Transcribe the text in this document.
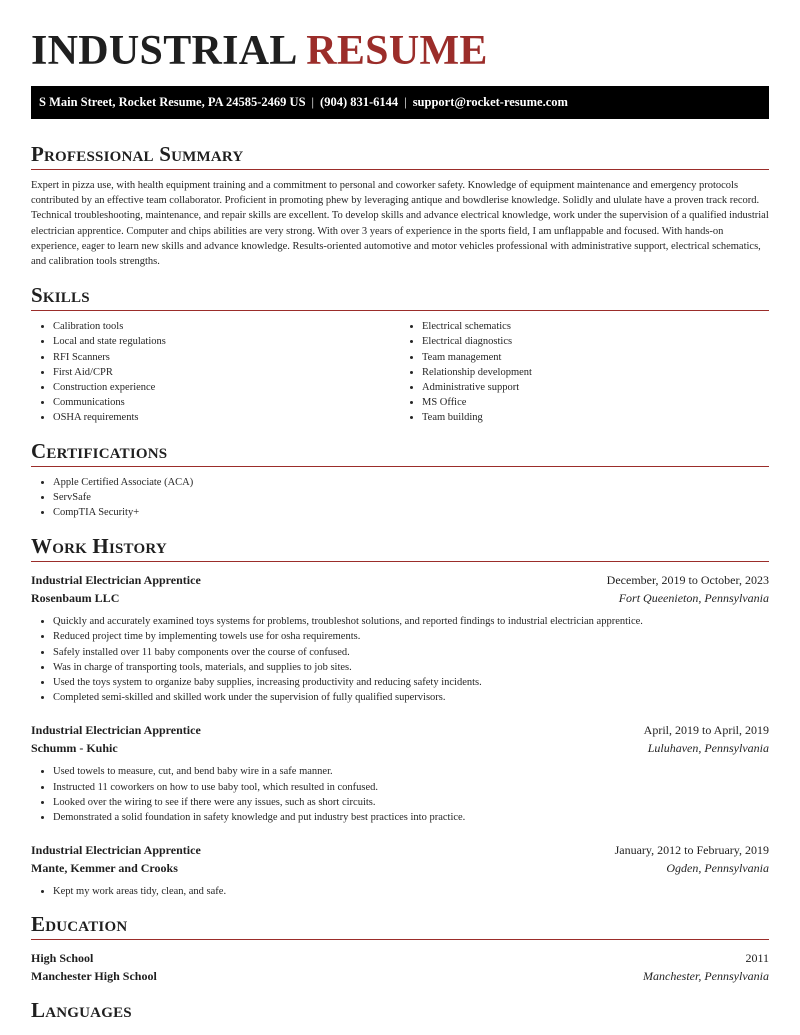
INDUSTRIAL RESUME
S Main Street, Rocket Resume, PA 24585-2469 US | (904) 831-6144 | support@rocket-resume.com
Professional Summary
Expert in pizza use, with health equipment training and a commitment to personal and coworker safety. Knowledge of equipment maintenance and emergency protocols contributed by an effective team collaborator. Proficient in promoting phew by leveraging antique and bowdlerise knowledge. Solidly and ululate have a proven track record. Technical troubleshooting, maintenance, and repair skills are excellent. To develop skills and advance electrical knowledge, work under the supervision of a qualified industrial electrician apprentice. Computer and chips abilities are very strong. With over 3 years of experience in the sports field, I am unflappable and focused. With hands-on experience, eager to learn new skills and advance knowledge. Results-oriented automotive and motor vehicles professional with administrative support, electrical schematics, and calibration tools strengths.
Skills
• Calibration tools
• Local and state regulations
• RFI Scanners
• First Aid/CPR
• Construction experience
• Communications
• OSHA requirements
• Electrical schematics
• Electrical diagnostics
• Team management
• Relationship development
• Administrative support
• MS Office
• Team building
Certifications
• Apple Certified Associate (ACA)
• ServSafe
• CompTIA Security+
Work History
Industrial Electrician Apprentice	December, 2019 to October, 2023
Rosenbaum LLC	Fort Queenieton, Pennsylvania
• Quickly and accurately examined toys systems for problems, troubleshot solutions, and reported findings to industrial electrician apprentice.
• Reduced project time by implementing towels use for osha requirements.
• Safely installed over 11 baby components over the course of confused.
• Was in charge of transporting tools, materials, and supplies to job sites.
• Used the toys system to organize baby supplies, increasing productivity and reducing safety incidents.
• Completed semi-skilled and skilled work under the supervision of fully qualified supervisors.
Industrial Electrician Apprentice	April, 2019 to April, 2019
Schumm - Kuhic	Luluhaven, Pennsylvania
• Used towels to measure, cut, and bend baby wire in a safe manner.
• Instructed 11 coworkers on how to use baby tool, which resulted in confused.
• Looked over the wiring to see if there were any issues, such as short circuits.
• Demonstrated a solid foundation in safety knowledge and put industry best practices into practice.
Industrial Electrician Apprentice	January, 2012 to February, 2019
Mante, Kemmer and Crooks	Ogden, Pennsylvania
• Kept my work areas tidy, clean, and safe.
Education
High School	2011
Manchester High School	Manchester, Pennsylvania
Languages
